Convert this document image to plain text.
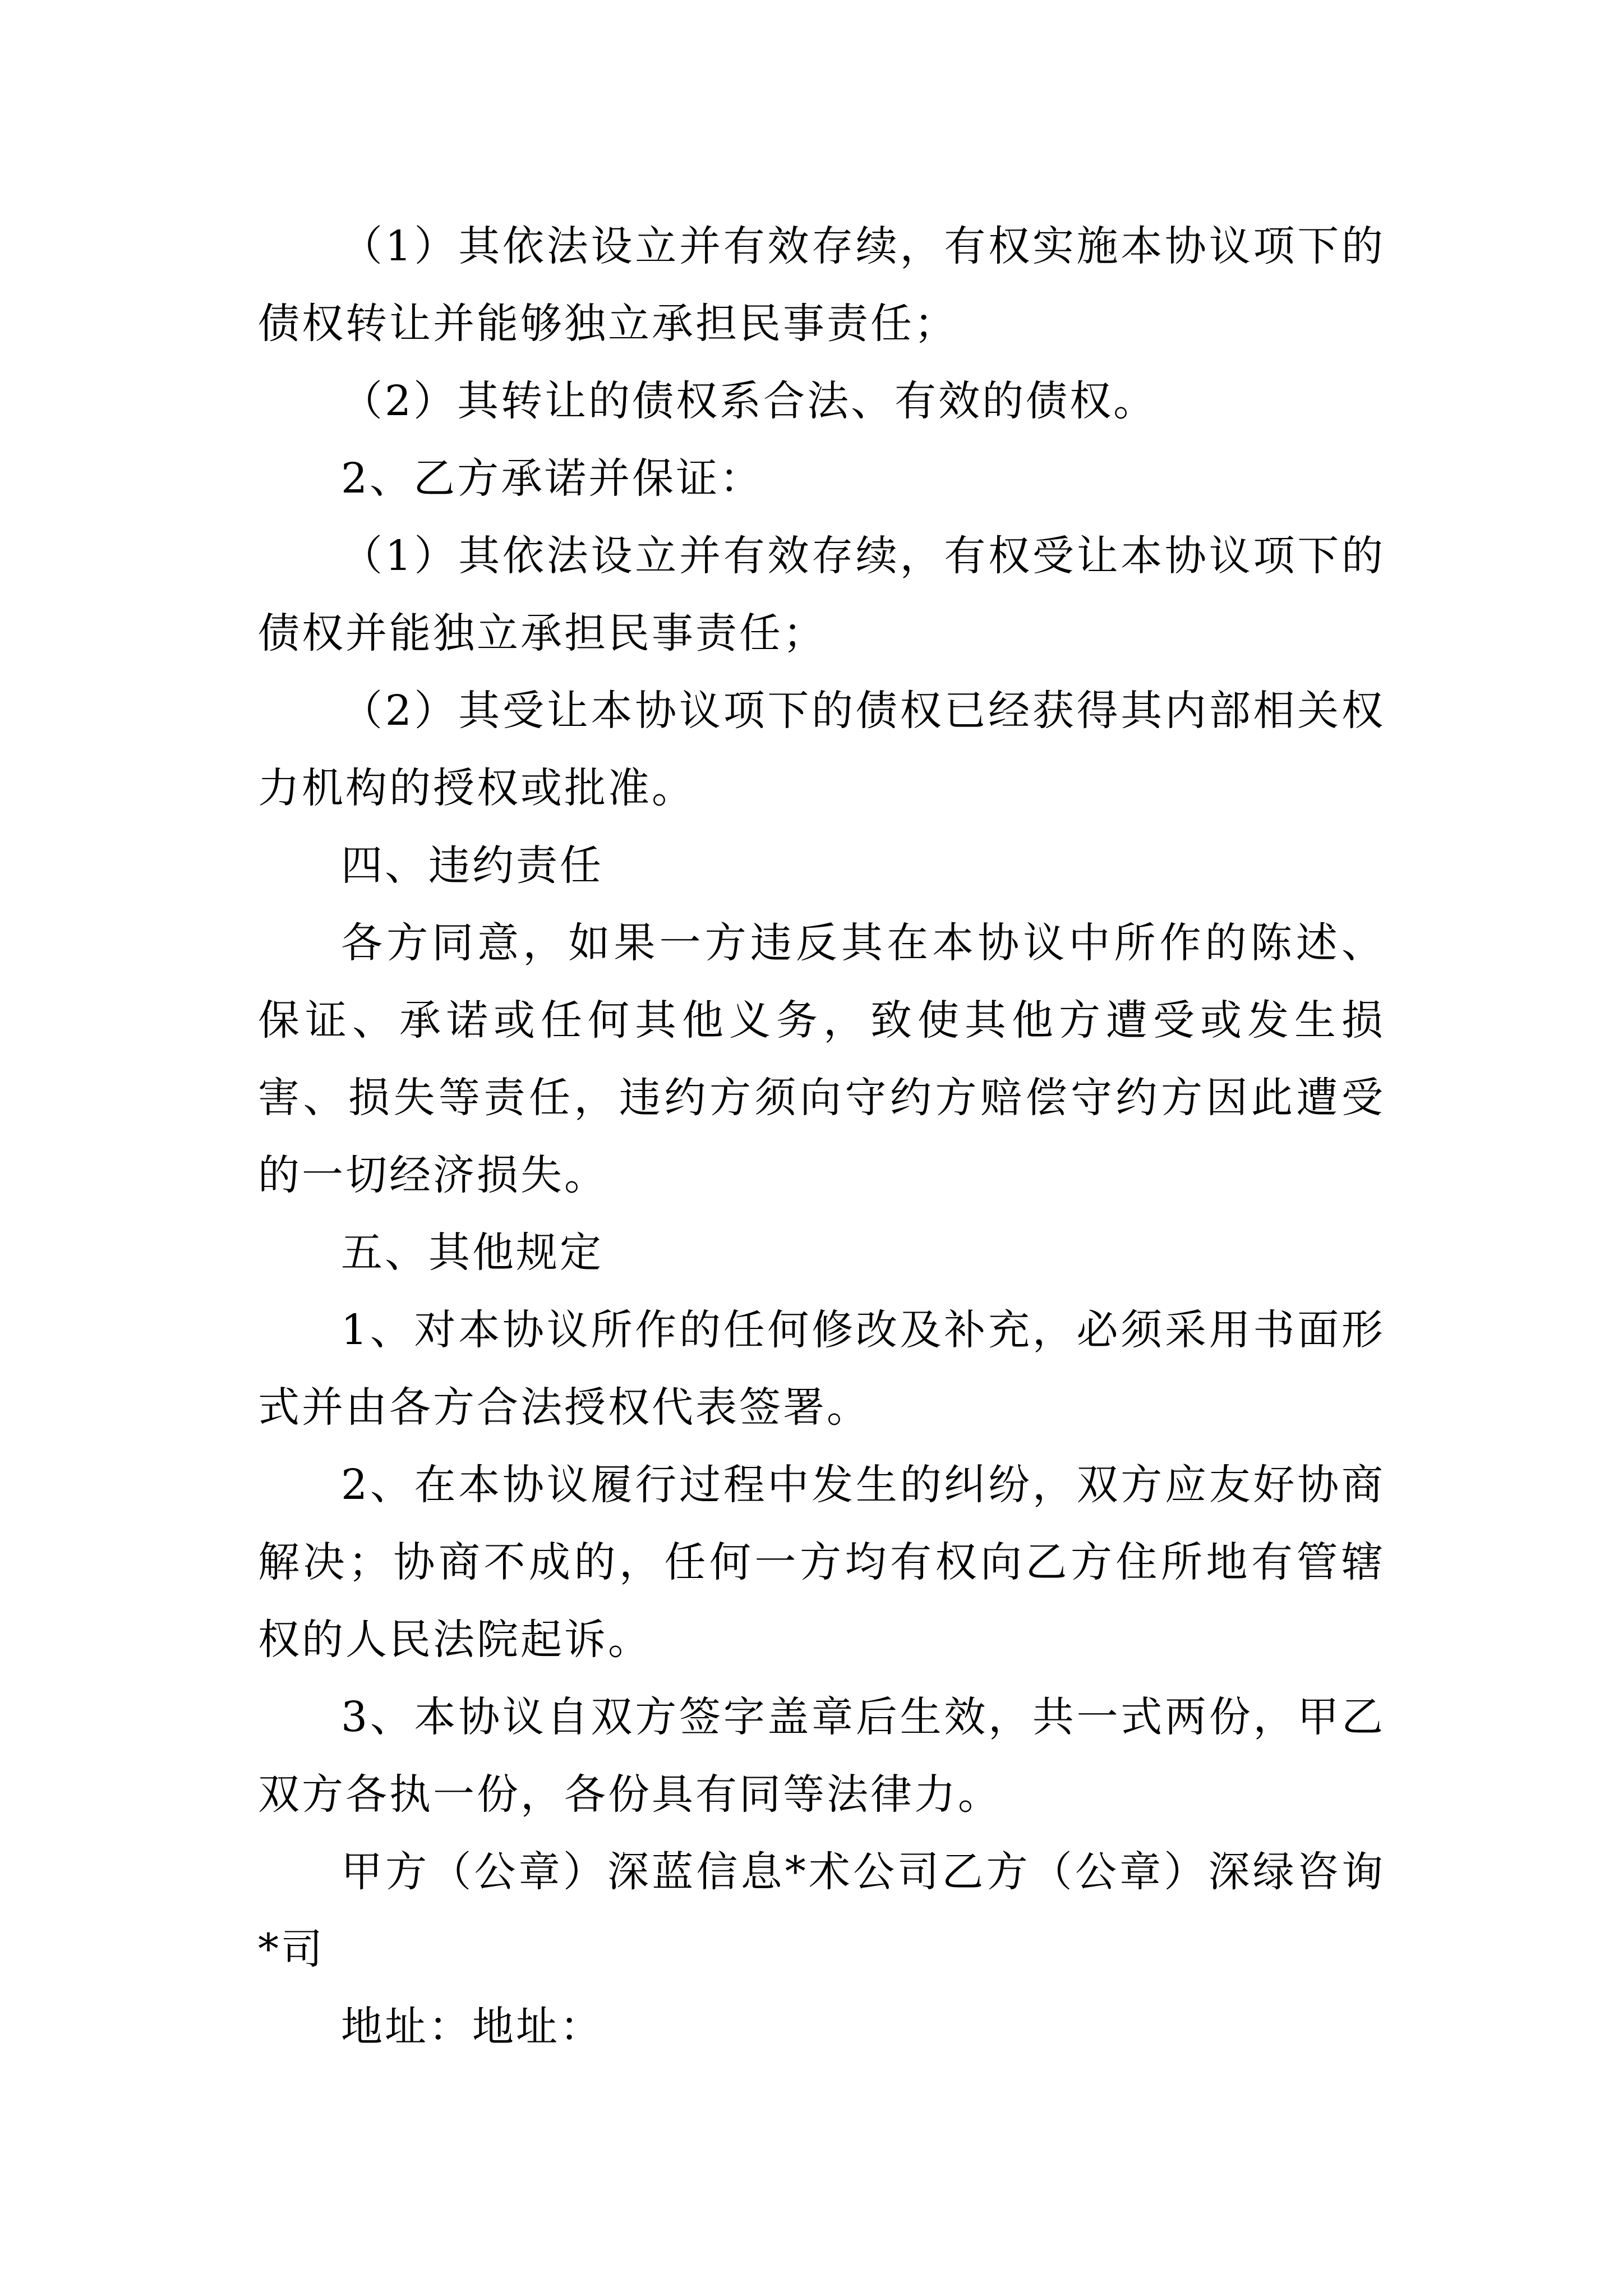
（1）其依法设立并有效存续，有权实施本协议项下的债权转让并能够独立承担民事责任；

（2）其转让的债权系合法、有效的债权。

2、乙方承诺并保证：

（1）其依法设立并有效存续，有权受让本协议项下的债权并能独立承担民事责任；

（2）其受让本协议项下的债权已经获得其内部相关权力机构的授权或批准。

四、违约责任

各方同意，如果一方违反其在本协议中所作的陈述、保证、承诺或任何其他义务，致使其他方遭受或发生损害、损失等责任，违约方须向守约方赔偿守约方因此遭受的一切经济损失。

五、其他规定

1、对本协议所作的任何修改及补充，必须采用书面形式并由各方合法授权代表签署。

2、在本协议履行过程中发生的纠纷，双方应友好协商解决；协商不成的，任何一方均有权向乙方住所地有管辖权的人民法院起诉。

3、本协议自双方签字盖章后生效，共一式两份，甲乙双方各执一份，各份具有同等法律力。

甲方（公章）深蓝信息*术公司乙方（公章）深绿咨询*司

地址：地址：
